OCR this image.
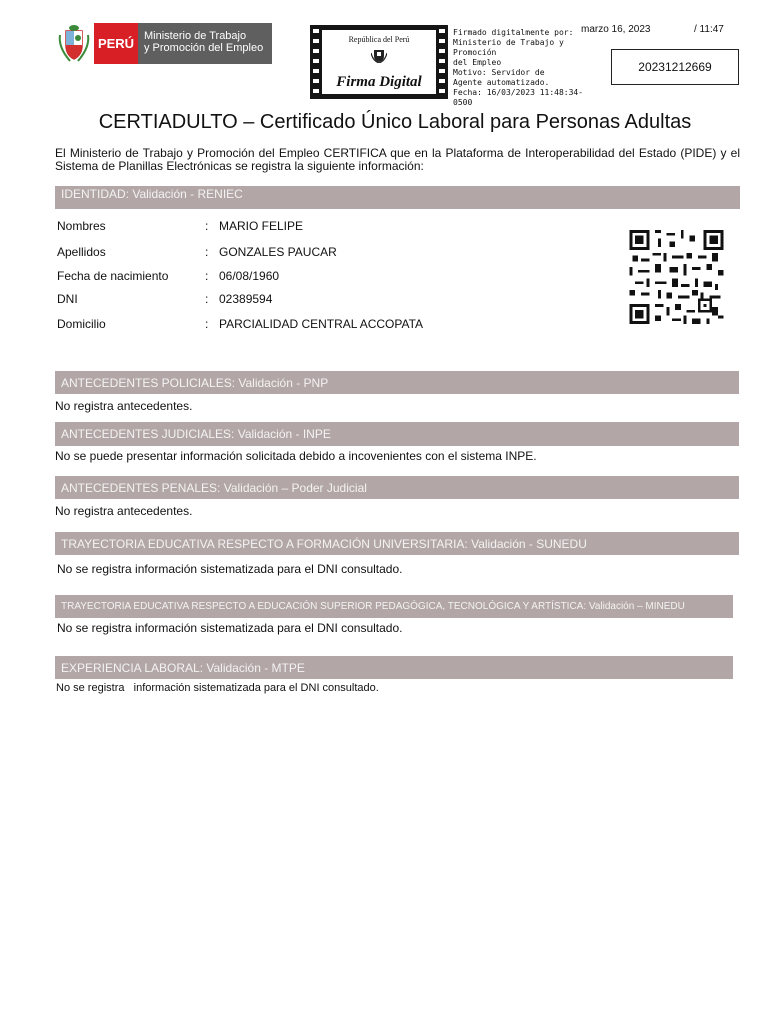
PERÚ Ministerio de Trabajo
y Promoción del Empleo
República del Perú
Firma Digital
Firmado digitalmente por:
Ministerio de Trabajo y Promoción
del Empleo
Motivo: Servidor de
Agente automatizado.
Fecha: 16/03/2023 11:48:34-0500
marzo 16, 2023	/ 11:47
20231212669
CERTIADULTO – Certificado Único Laboral para Personas Adultas
El Ministerio de Trabajo y Promoción del Empleo CERTIFICA que en la Plataforma de Interoperabilidad del Estado (PIDE) y el Sistema de Planillas Electrónicas se registra la siguiente información:
IDENTIDAD: Validación - RENIEC
Nombres	: MARIO FELIPE
Apellidos	: GONZALES PAUCAR
Fecha de nacimiento	: 06/08/1960
DNI	: 02389594
Domicilio	: PARCIALIDAD CENTRAL ACCOPATA
ANTECEDENTES POLICIALES: Validación - PNP
No registra antecedentes.
ANTECEDENTES JUDICIALES: Validación - INPE
No se puede presentar información solicitada debido a incovenientes con el sistema INPE.
ANTECEDENTES PENALES: Validación – Poder Judicial
No registra antecedentes.
TRAYECTORIA EDUCATIVA RESPECTO A FORMACIÓN UNIVERSITARIA: Validación - SUNEDU
No se registra información sistematizada para el DNI consultado.
TRAYECTORIA EDUCATIVA RESPECTO A EDUCACIÓN SUPERIOR PEDAGÓGICA, TECNOLÓGICA Y ARTÍSTICA: Validación – MINEDU
No se registra información sistematizada para el DNI consultado.
EXPERIENCIA LABORAL: Validación - MTPE
No se registra   información sistematizada para el DNI consultado.
